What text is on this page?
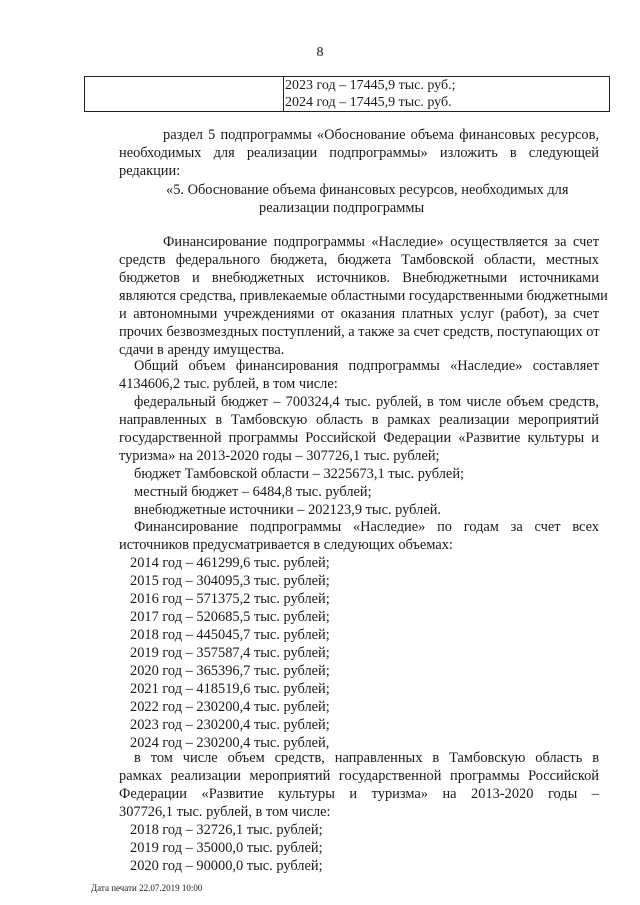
8

2023 год – 17445,9 тыс. руб.;
2024 год – 17445,9 тыс. руб.
раздел 5 подпрограммы «Обоснование объема финансовых ресурсов,
необходимых для реализации подпрограммы» изложить в следующей
редакции:
«5. Обоснование объема финансовых ресурсов, необходимых для
реализации подпрограммы
Финансирование подпрограммы «Наследие» осуществляется за счет
средств федерального бюджета, бюджета Тамбовской области, местных
бюджетов и внебюджетных источников. Внебюджетными источниками
являются средства, привлекаемые областными государственными бюджетными
и автономными учреждениями от оказания платных услуг (работ), за счет
прочих безвозмездных поступлений, а также за счет средств, поступающих от
сдачи в аренду имущества.
Общий объем финансирования подпрограммы «Наследие» составляет
4134606,2 тыс. рублей, в том числе:
федеральный бюджет – 700324,4 тыс. рублей, в том числе объем средств,
направленных в Тамбовскую область в рамках реализации мероприятий
государственной программы Российской Федерации «Развитие культуры и
туризма» на 2013-2020 годы – 307726,1 тыс. рублей;
бюджет Тамбовской области – 3225673,1 тыс. рублей;
местный бюджет – 6484,8 тыс. рублей;
внебюджетные источники – 202123,9 тыс. рублей.
Финансирование подпрограммы «Наследие» по годам за счет всех
источников предусматривается в следующих объемах:
2014 год – 461299,6 тыс. рублей;
2015 год – 304095,3 тыс. рублей;
2016 год – 571375,2 тыс. рублей;
2017 год – 520685,5 тыс. рублей;
2018 год – 445045,7 тыс. рублей;
2019 год – 357587,4 тыс. рублей;
2020 год – 365396,7 тыс. рублей;
2021 год – 418519,6 тыс. рублей;
2022 год – 230200,4 тыс. рублей;
2023 год – 230200,4 тыс. рублей;
2024 год – 230200,4 тыс. рублей,
в том числе объем средств, направленных в Тамбовскую область в
рамках реализации мероприятий государственной программы Российской
Федерации «Развитие культуры и туризма» на 2013-2020 годы –
307726,1 тыс. рублей, в том числе:
2018 год – 32726,1 тыс. рублей;
2019 год – 35000,0 тыс. рублей;
2020 год – 90000,0 тыс. рублей;
Дата печати 22.07.2019 10:00
